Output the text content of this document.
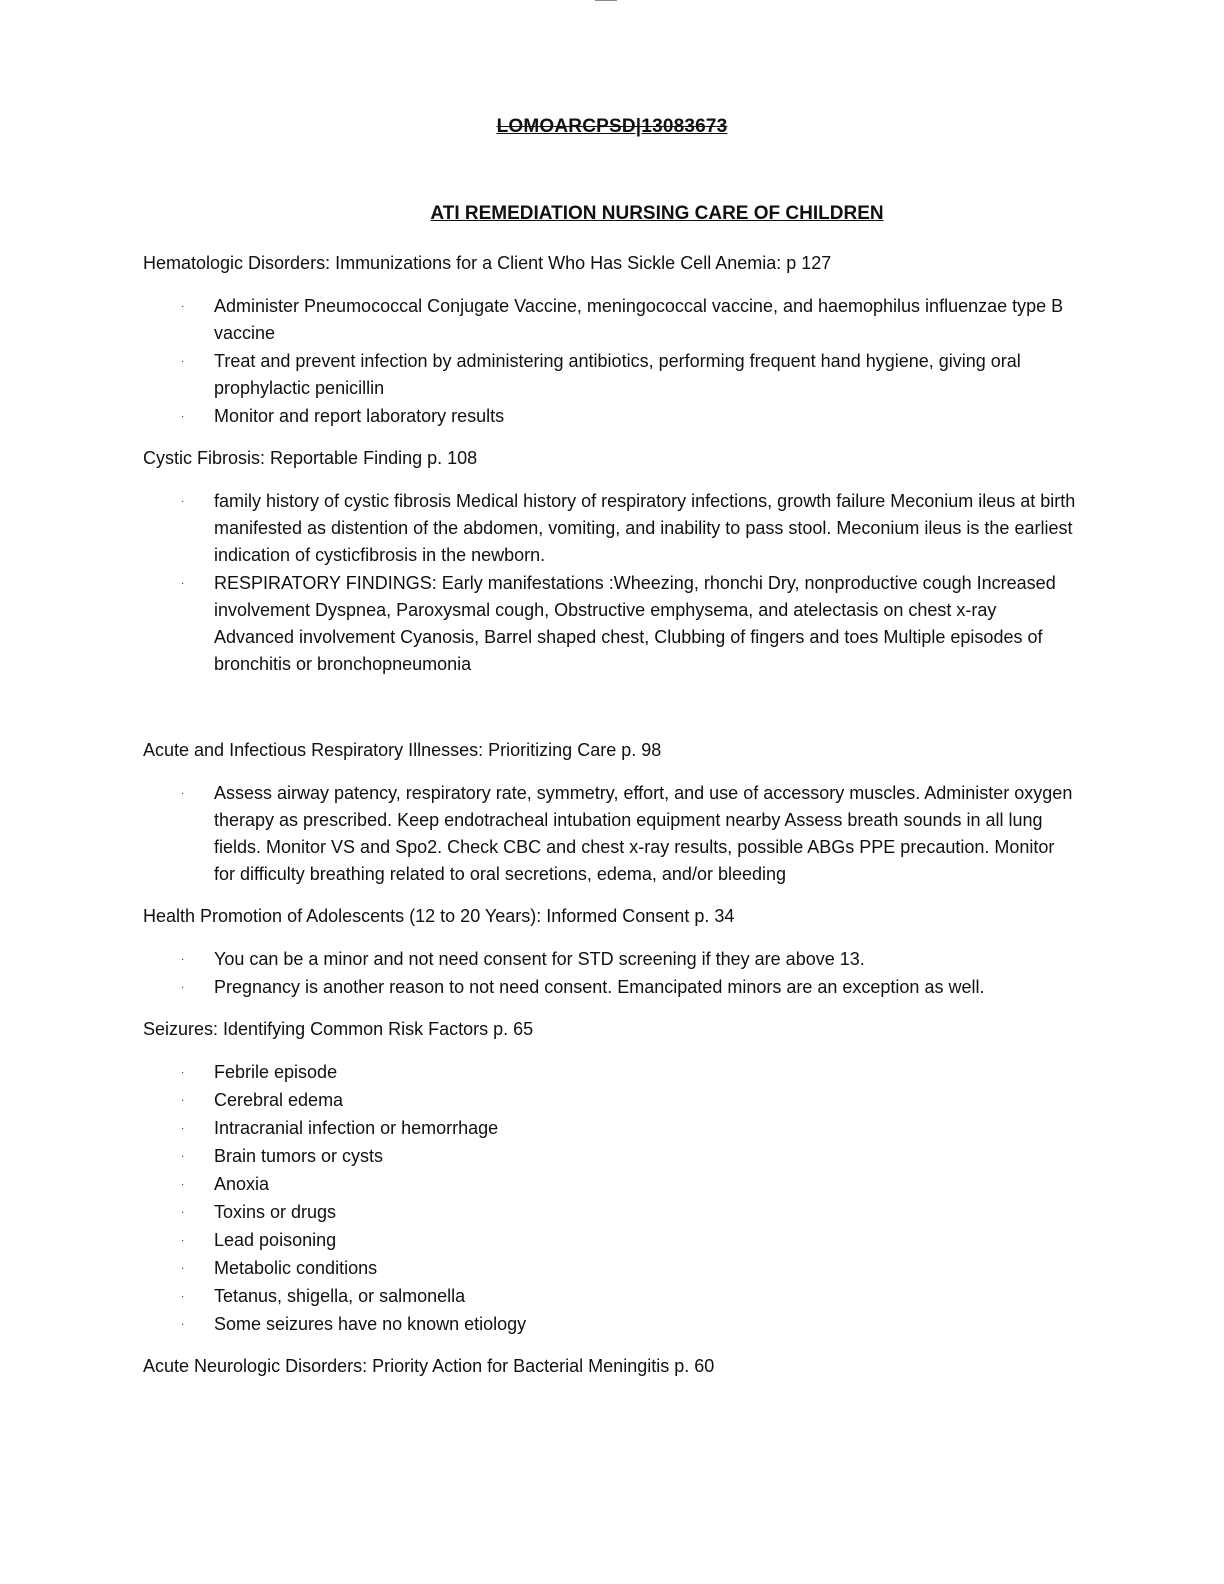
LOMOARCPSD|13083673
ATI REMEDIATION NURSING CARE OF CHILDREN

Hematologic Disorders: Immunizations for a Client Who Has Sickle Cell Anemia: p 127

· Administer Pneumococcal Conjugate Vaccine, meningococcal vaccine, and haemophilus influenzae type B vaccine
· Treat and prevent infection by administering antibiotics, performing frequent hand hygiene, giving oral prophylactic penicillin
· Monitor and report laboratory results

Cystic Fibrosis: Reportable Finding p. 108

· family history of cystic fibrosis Medical history of respiratory infections, growth failure Meconium ileus at birth manifested as distention of the abdomen, vomiting, and inability to pass stool. Meconium ileus is the earliest indication of cysticfibrosis in the newborn.
· RESPIRATORY FINDINGS: Early manifestations :Wheezing, rhonchi Dry, nonproductive cough Increased involvement Dyspnea, Paroxysmal cough, Obstructive emphysema, and atelectasis on chest x-ray Advanced involvement Cyanosis, Barrel shaped chest, Clubbing of fingers and toes Multiple episodes of bronchitis or bronchopneumonia

Acute and Infectious Respiratory Illnesses: Prioritizing Care p. 98

· Assess airway patency, respiratory rate, symmetry, effort, and use of accessory muscles. Administer oxygen therapy as prescribed. Keep endotracheal intubation equipment nearby Assess breath sounds in all lung fields. Monitor VS and Spo2. Check CBC and chest x-ray results, possible ABGs PPE precaution. Monitor for difficulty breathing related to oral secretions, edema, and/or bleeding

Health Promotion of Adolescents (12 to 20 Years): Informed Consent p. 34

· You can be a minor and not need consent for STD screening if they are above 13.
· Pregnancy is another reason to not need consent. Emancipated minors are an exception as well.

Seizures: Identifying Common Risk Factors p. 65

· Febrile episode
· Cerebral edema
· Intracranial infection or hemorrhage
· Brain tumors or cysts
· Anoxia
· Toxins or drugs
· Lead poisoning
· Metabolic conditions
· Tetanus, shigella, or salmonella
· Some seizures have no known etiology

Acute Neurologic Disorders: Priority Action for Bacterial Meningitis p. 60
